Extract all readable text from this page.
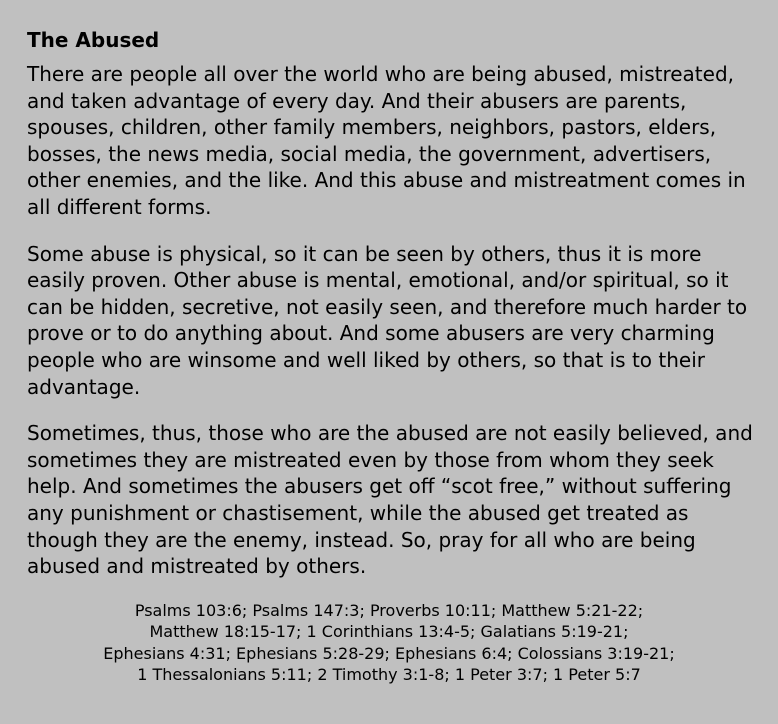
The Abused

There are people all over the world who are being abused, mistreated, and taken advantage of every day. And their abusers are parents, spouses, children, other family members, neighbors, pastors, elders, bosses, the news media, social media, the government, advertisers, other enemies, and the like. And this abuse and mistreatment comes in all different forms.

Some abuse is physical, so it can be seen by others, thus it is more easily proven. Other abuse is mental, emotional, and/or spiritual, so it can be hidden, secretive, not easily seen, and therefore much harder to prove or to do anything about. And some abusers are very charming people who are winsome and well liked by others, so that is to their advantage.

Sometimes, thus, those who are the abused are not easily believed, and sometimes they are mistreated even by those from whom they seek help. And sometimes the abusers get off “scot free,” without suffering any punishment or chastisement, while the abused get treated as though they are the enemy, instead. So, pray for all who are being abused and mistreated by others.

Psalms 103:6; Psalms 147:3; Proverbs 10:11; Matthew 5:21-22;
Matthew 18:15-17; 1 Corinthians 13:4-5; Galatians 5:19-21;
Ephesians 4:31; Ephesians 5:28-29; Ephesians 6:4; Colossians 3:19-21;
1 Thessalonians 5:11; 2 Timothy 3:1-8; 1 Peter 3:7; 1 Peter 5:7
